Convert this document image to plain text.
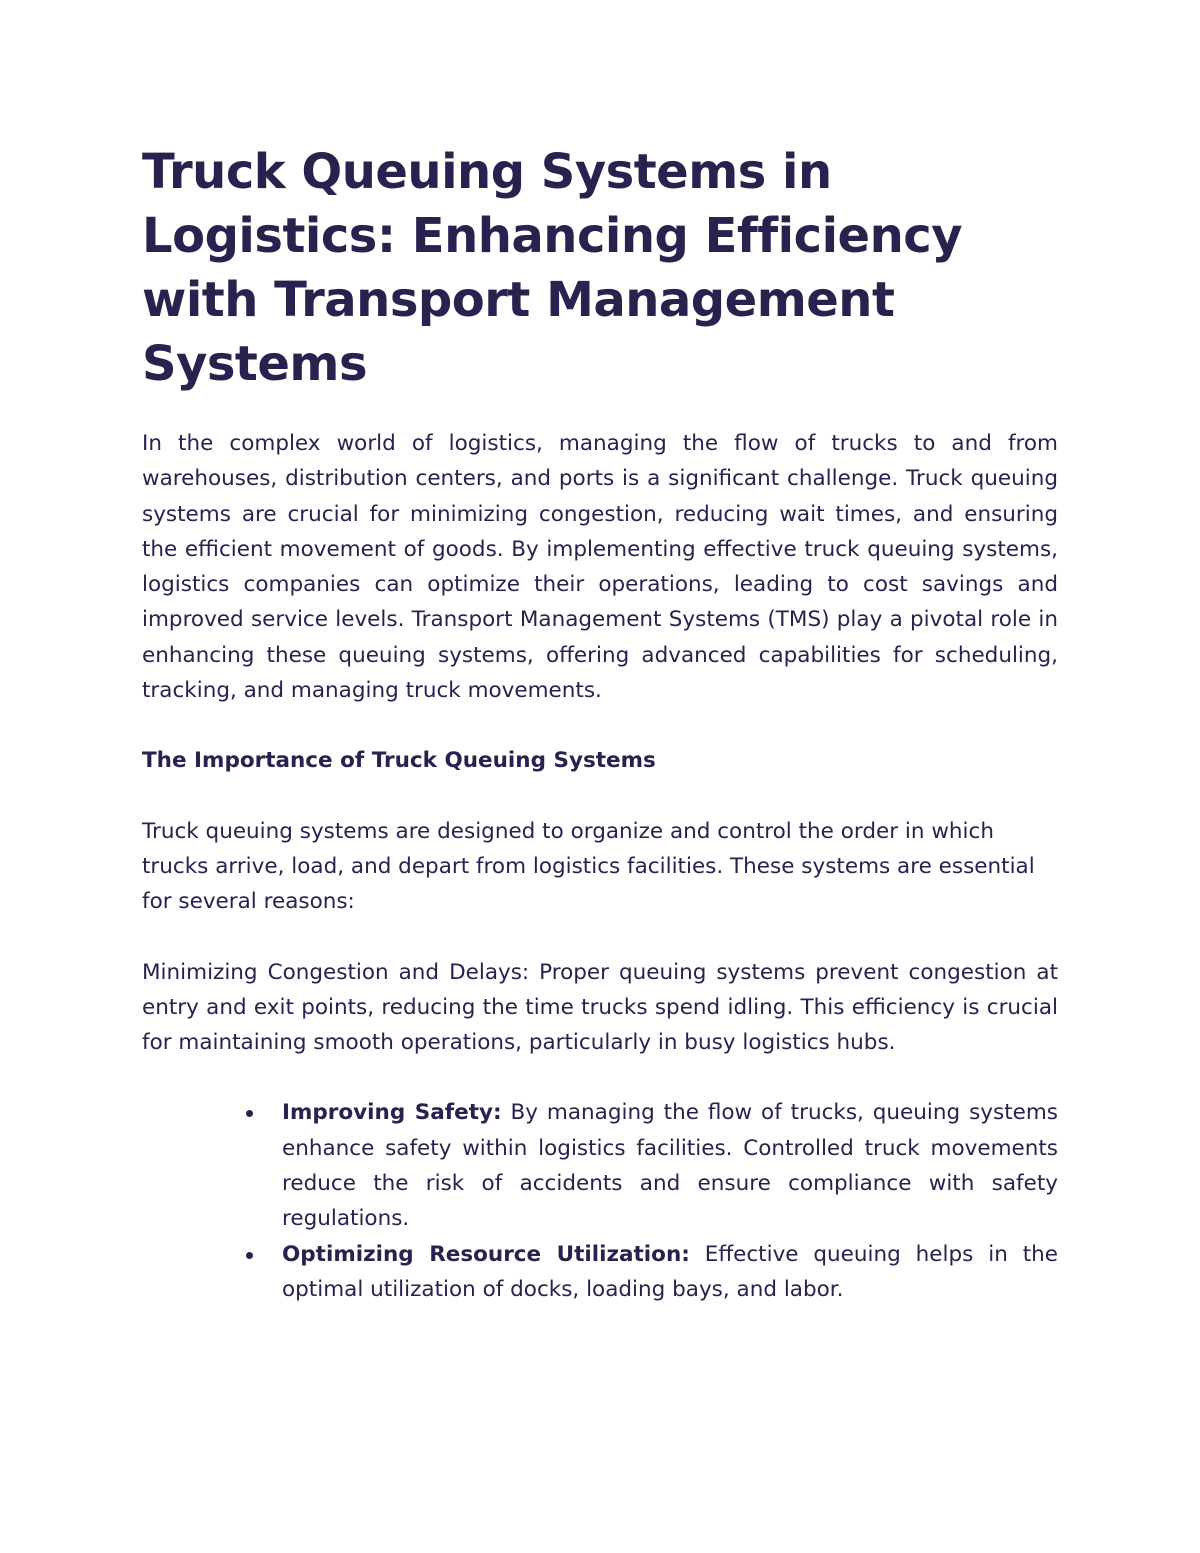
Truck Queuing Systems in Logistics: Enhancing Efficiency with Transport Management Systems

In the complex world of logistics, managing the flow of trucks to and from warehouses, distribution centers, and ports is a significant challenge. Truck queuing systems are crucial for minimizing congestion, reducing wait times, and ensuring the efficient movement of goods. By implementing effective truck queuing systems, logistics companies can optimize their operations, leading to cost savings and improved service levels. Transport Management Systems (TMS) play a pivotal role in enhancing these queuing systems, offering advanced capabilities for scheduling, tracking, and managing truck movements.

The Importance of Truck Queuing Systems

Truck queuing systems are designed to organize and control the order in which trucks arrive, load, and depart from logistics facilities. These systems are essential for several reasons:

Minimizing Congestion and Delays: Proper queuing systems prevent congestion at entry and exit points, reducing the time trucks spend idling. This efficiency is crucial for maintaining smooth operations, particularly in busy logistics hubs.

Improving Safety: By managing the flow of trucks, queuing systems enhance safety within logistics facilities. Controlled truck movements reduce the risk of accidents and ensure compliance with safety regulations.
Optimizing Resource Utilization: Effective queuing helps in the optimal utilization of docks, loading bays, and labor.
